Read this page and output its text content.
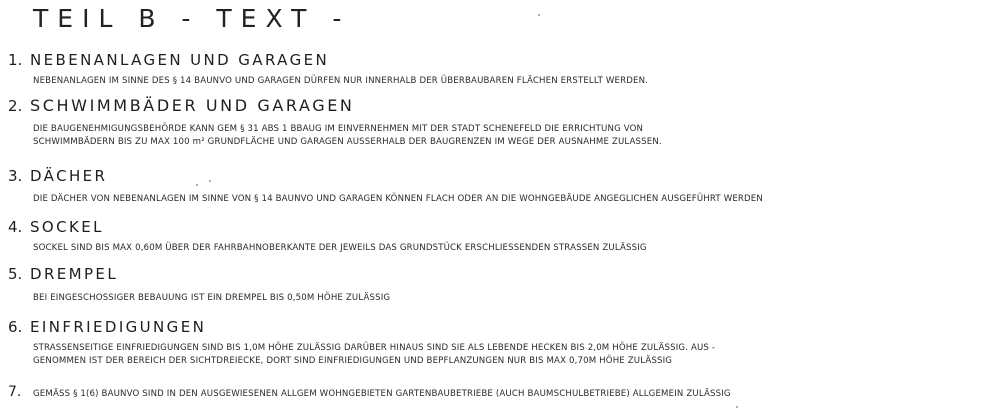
TEIL B - TEXT -
1. NEBENANLAGEN UND GARAGEN
NEBENANLAGEN IM SINNE DES § 14 BAUNVO UND GARAGEN DÜRFEN NUR INNERHALB DER ÜBERBAUBAREN FLÄCHEN ERSTELLT WERDEN.
2. SCHWIMMBÄDER UND GARAGEN
DIE BAUGENEHMIGUNGSBEHÖRDE KANN GEM § 31 ABS 1 BBAUG IM EINVERNEHMEN MIT DER STADT SCHENEFELD DIE ERRICHTUNG VON
SCHWIMMBÄDERN BIS ZU MAX 100 m² GRUNDFLÄCHE UND GARAGEN AUSSERHALB DER BAUGRENZEN IM WEGE DER AUSNAHME ZULASSEN.
3. DÄCHER
DIE DÄCHER VON NEBENANLAGEN IM SINNE VON § 14 BAUNVO UND GARAGEN KÖNNEN FLACH ODER AN DIE WOHNGEBÄUDE ANGEGLICHEN AUSGEFÜHRT WERDEN
4. SOCKEL
SOCKEL SIND BIS MAX 0,60M ÜBER DER FAHRBAHNOBERKANTE DER JEWEILS DAS GRUNDSTÜCK ERSCHLIESSENDEN STRASSEN ZULÄSSIG
5. DREMPEL
BEI EINGESCHOSSIGER BEBAUUNG IST EIN DREMPEL BIS 0,50M HÖHE ZULÄSSIG
6. EINFRIEDIGUNGEN
STRASSENSEITIGE EINFRIEDIGUNGEN SIND BIS 1,0M HÖHE ZULÄSSIG DARÜBER HINAUS SIND SIE ALS LEBENDE HECKEN BIS 2,0M HÖHE ZULÄSSIG. AUS -
GENOMMEN IST DER BEREICH DER SICHTDREIECKE, DORT SIND EINFRIEDIGUNGEN UND BEPFLANZUNGEN NUR BIS MAX 0,70M HÖHE ZULÄSSIG
7. GEMÄSS § 1(6) BAUNVO SIND IN DEN AUSGEWIESENEN ALLGEM WOHNGEBIETEN GARTENBAUBETRIEBE (AUCH BAUMSCHULBETRIEBE) ALLGEMEIN ZULÄSSIG
